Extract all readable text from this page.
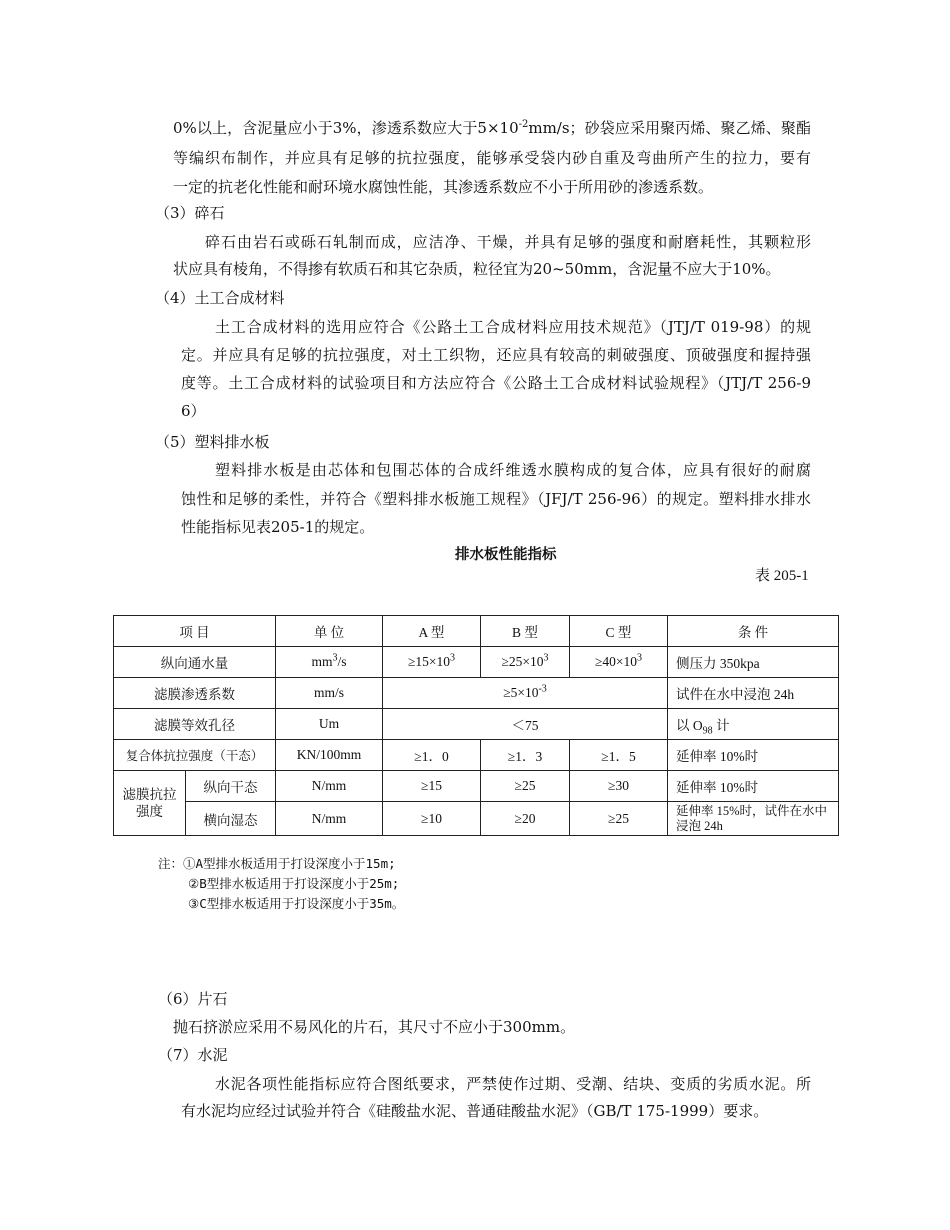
0%以上，含泥量应小于3%，渗透系数应大于$5\times 10^{-2}mm/s$；砂袋应采用聚丙烯、聚乙烯、聚酯
等编织布制作，并应具有足够的抗拉强度，能够承受袋内砂自重及弯曲所产生的拉力，要有
一定的抗老化性能和耐环境水腐蚀性能，其渗透系数应不小于所用砂的渗透系数。
（3）碎石
碎石由岩石或砾石轧制而成，应洁净、干燥，并具有足够的强度和耐磨耗性，其颗粒形
状应具有棱角，不得掺有软质石和其它杂质，粒径宜为20~50mm，含泥量不应大于10%。
（4）土工合成材料
土工合成材料的选用应符合《公路土工合成材料应用技术规范》（JTJ/T 019-98）的规
定。并应具有足够的抗拉强度，对土工织物，还应具有较高的刺破强度、顶破强度和握持强
度等。土工合成材料的试验项目和方法应符合《公路土工合成材料试验规程》（JTJ/T 256-9
6）
（5）塑料排水板
塑料排水板是由芯体和包围芯体的合成纤维透水膜构成的复合体，应具有很好的耐腐
蚀性和足够的柔性，并符合《塑料排水板施工规程》（JFJ/T 256-96）的规定。塑料排水排水
性能指标见表205-1的规定。
排水板性能指标
表 205-1
项 目		单 位	A 型	B 型	C 型	条 件
纵向通水量		$mm^3/s$	$\ge 15\times 10^3$	$\ge 25\times 10^3$	$\ge 40\times 10^3$	侧压力 350kpa
滤膜渗透系数		mm/s	$\ge 5\times 10^{-3}$			试件在水中浸泡 24h
滤膜等效孔径		Um	＜75			以 $O_{98}$ 计
复合体抗拉强度（干态）		KN/100mm	≥1．0	≥1．3	≥1．5	延伸率 10%时
滤膜抗拉强度	纵向干态	N/mm	≥15	≥25	≥30	延伸率 10%时
	横向湿态	N/mm	≥10	≥20	≥25	延伸率 15%时，试件在水中浸泡 24h
注：①A型排水板适用于打设深度小于15m;
②B型排水板适用于打设深度小于25m;
③C型排水板适用于打设深度小于35m。
（6）片石
抛石挤淤应采用不易风化的片石，其尺寸不应小于300mm。
（7）水泥
水泥各项性能指标应符合图纸要求，严禁使作过期、受潮、结块、变质的劣质水泥。所
有水泥均应经过试验并符合《硅酸盐水泥、普通硅酸盐水泥》（GB/T 175-1999）要求。
